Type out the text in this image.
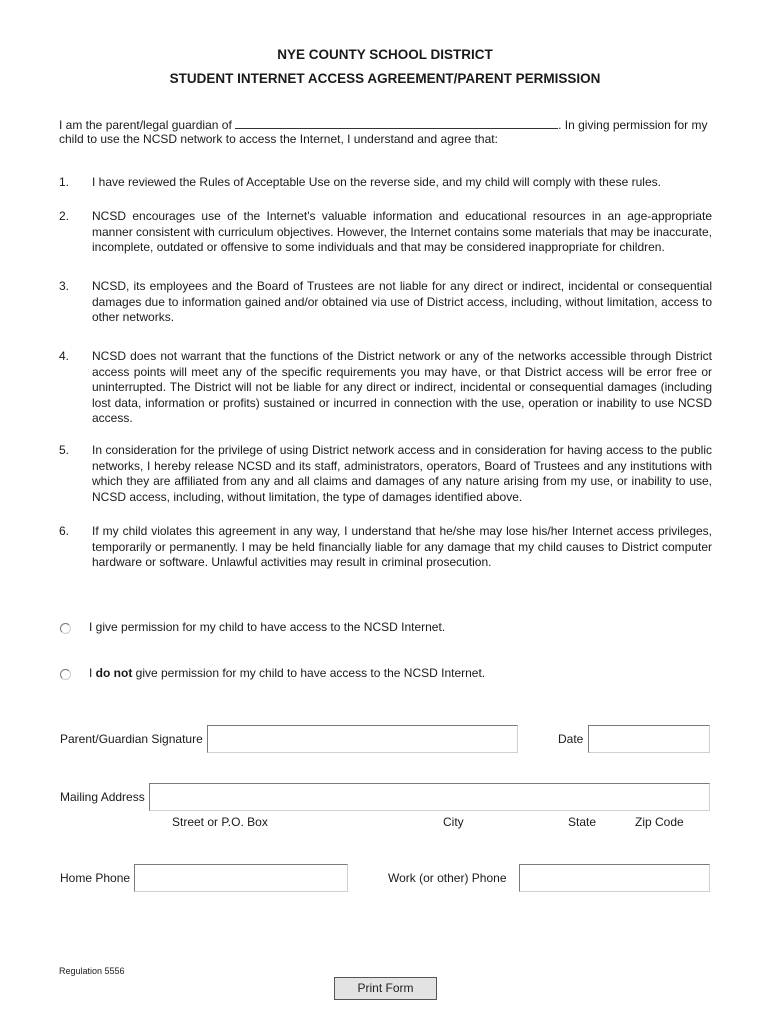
NYE COUNTY SCHOOL DISTRICT
STUDENT INTERNET ACCESS AGREEMENT/PARENT PERMISSION
I am the parent/legal guardian of	. In giving permission for my
child to use the NCSD network to access the Internet, I understand and agree that:
1. I have reviewed the Rules of Acceptable Use on the reverse side, and my child will comply with these rules.
2. NCSD encourages use of the Internet's valuable information and educational resources in an age-appropriate manner consistent with curriculum objectives. However, the Internet contains some materials that may be inaccurate, incomplete, outdated or offensive to some individuals and that may be considered inappropriate for children.
3. NCSD, its employees and the Board of Trustees are not liable for any direct or indirect, incidental or consequential damages due to information gained and/or obtained via use of District access, including, without limitation, access to other networks.
4. NCSD does not warrant that the functions of the District network or any of the networks accessible through District access points will meet any of the specific requirements you may have, or that District access will be error free or uninterrupted. The District will not be liable for any direct or indirect, incidental or consequential damages (including lost data, information or profits) sustained or incurred in connection with the use, operation or inability to use NCSD access.
5. In consideration for the privilege of using District network access and in consideration for having access to the public networks, I hereby release NCSD and its staff, administrators, operators, Board of Trustees and any institutions with which they are affiliated from any and all claims and damages of any nature arising from my use, or inability to use, NCSD access, including, without limitation, the type of damages identified above.
6. If my child violates this agreement in any way, I understand that he/she may lose his/her Internet access privileges, temporarily or permanently. I may be held financially liable for any damage that my child causes to District computer hardware or software. Unlawful activities may result in criminal prosecution.
I give permission for my child to have access to the NCSD Internet.
I do not give permission for my child to have access to the NCSD Internet.
Parent/Guardian Signature	Date
Mailing Address
Street or P.O. Box	City	State	Zip Code
Home Phone	Work (or other) Phone
Regulation 5556
Print Form
